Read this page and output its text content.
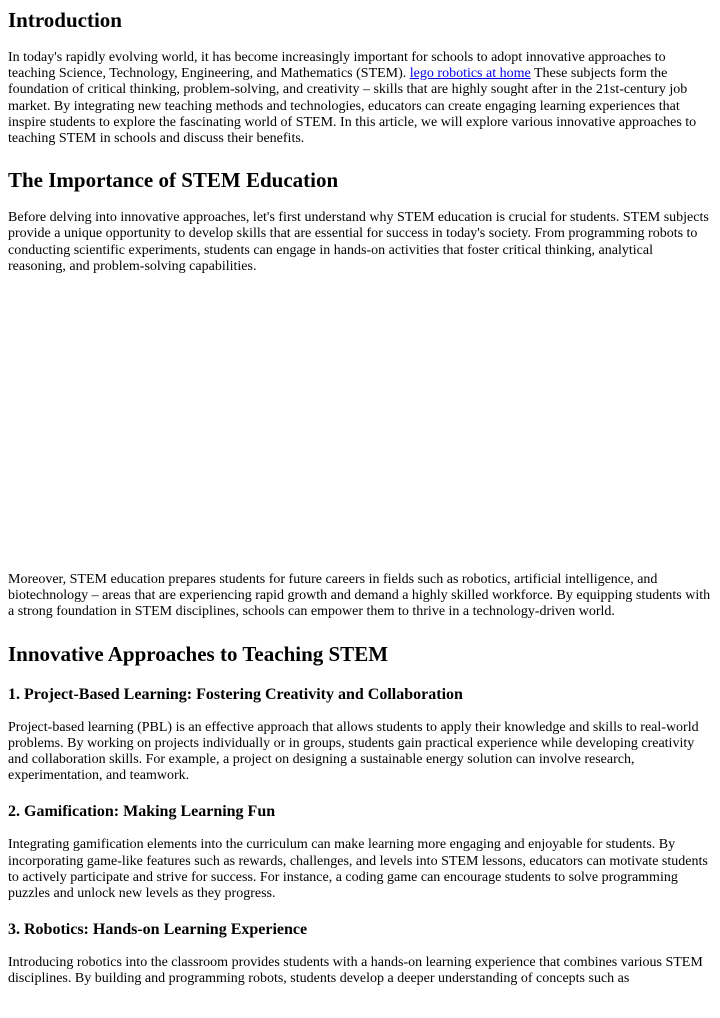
Introduction

In today's rapidly evolving world, it has become increasingly important for schools to adopt innovative approaches to teaching Science, Technology, Engineering, and Mathematics (STEM). lego robotics at home These subjects form the foundation of critical thinking, problem-solving, and creativity – skills that are highly sought after in the 21st-century job market. By integrating new teaching methods and technologies, educators can create engaging learning experiences that inspire students to explore the fascinating world of STEM. In this article, we will explore various innovative approaches to teaching STEM in schools and discuss their benefits.

The Importance of STEM Education

Before delving into innovative approaches, let's first understand why STEM education is crucial for students. STEM subjects provide a unique opportunity to develop skills that are essential for success in today's society. From programming robots to conducting scientific experiments, students can engage in hands-on activities that foster critical thinking, analytical reasoning, and problem-solving capabilities.

Moreover, STEM education prepares students for future careers in fields such as robotics, artificial intelligence, and biotechnology – areas that are experiencing rapid growth and demand a highly skilled workforce. By equipping students with a strong foundation in STEM disciplines, schools can empower them to thrive in a technology-driven world.

Innovative Approaches to Teaching STEM
1. Project-Based Learning: Fostering Creativity and Collaboration

Project-based learning (PBL) is an effective approach that allows students to apply their knowledge and skills to real-world problems. By working on projects individually or in groups, students gain practical experience while developing creativity and collaboration skills. For example, a project on designing a sustainable energy solution can involve research, experimentation, and teamwork.

2. Gamification: Making Learning Fun

Integrating gamification elements into the curriculum can make learning more engaging and enjoyable for students. By incorporating game-like features such as rewards, challenges, and levels into STEM lessons, educators can motivate students to actively participate and strive for success. For instance, a coding game can encourage students to solve programming puzzles and unlock new levels as they progress.

3. Robotics: Hands-on Learning Experience

Introducing robotics into the classroom provides students with a hands-on learning experience that combines various STEM disciplines. By building and programming robots, students develop a deeper understanding of concepts such as
